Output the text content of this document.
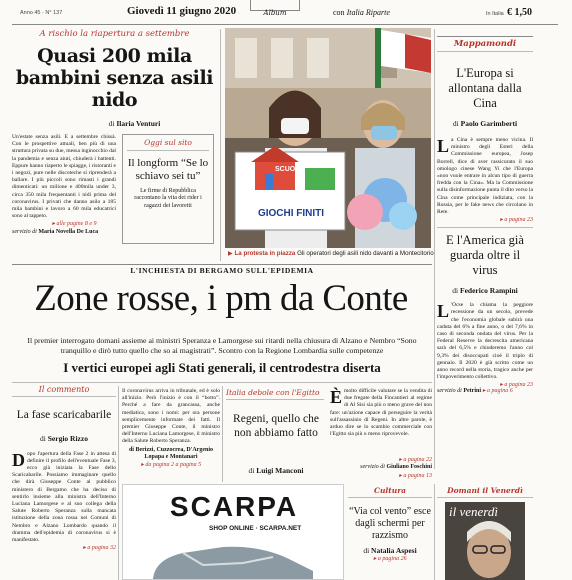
Anno 45 · N° 137	Giovedì 11 giugno 2020	Album	con Italia Riparte	In Italia € 1,50
A rischio la riapertura a settembre
Quasi 200 mila bambini senza asili nido
di Ilaria Venturi
Un'estate senza asili. E a settembre chissà. Con le prospettive attuali, ben più di una struttura privata su due, messa inginocchio dal la pandemia e senza aiuti, chiuderà i battenti. Eppure hanno riaperto le spiagge, i ristoranti e i negozi, pure nelle discoteche si riprenderà a ballare. I più piccoli sono rimasti i grandi dimenticati: un milione e 400mila under 3, circa 350 mila frequentanti i nidi prima del coronavirus. I privati che danno asilo a 185 mila bambini e lavoro a 60 mila educatrici sono al tappeto.
▸ alle pagine 8 e 9
servizio di Maria Novella De Luca
Oggi sul sito
Il longform “Se lo schiavo sei tu”
Le firme di Repubblica raccontano la vita dei rider i ragazzi dei lavoretti
SCUOLA
GIOCHI FINITI
▶ La protesta in piazza Gli operatori degli asili nido davanti a Montecitorio
Mappamondi
L'Europa si allontana dalla Cina
di Paolo Garimberti
La Cina è sempre meno vicina. Il ministro degli Esteri della Commissione europea, Josep Borrell, dice di aver rassicurato il suo omologo cinese Wang Yi che l'Europa «non vuole entrare in alcun tipo di guerra fredda con la Cina». Ma la Commissione sulla disinformazione punta il dito verso la Cina come principale indiziata, con la Russia, per le fake news che circolano in Rete.
▸ a pagina 23
E l'America già guarda oltre il virus
di Federico Rampini
L 'Ocse la chiama la peggiore recessione da un secolo, prevede che l'economia globale subirà una caduta del 6% a fine anno, o del 7,6% in caso di seconda ondata del virus. Per la Federal Reserve la decrescita americana sarà del 6,5% e chiuderemo l'anno col 9,3% dei disoccupati cioè il triplo di gennaio. Il 2020 è già scritto come un anno record nella storia, tragico anche per l'impoverimento collettivo.
▸ a pagina 23
servizio di Petrini ▸ a pagina 6
L'INCHIESTA DI BERGAMO SULL'EPIDEMIA
Zone rosse, i pm da Conte
Il premier interrogato domani assieme ai ministri Speranza e Lamorgese sui ritardi nella chiusura di Alzano e Nembro “Sono tranquillo e dirò tutto quello che so ai magistrati”. Scontro con la Regione Lombardia sulle competenze
I vertici europei agli Stati generali, il centrodestra diserta
Il commento
La fase scaricabarile
di Sergio Rizzo
Dopo l'apertura della Fase 2 in attesa di definire il profilo dell'eventuale Fase 3, ecco già iniziata la Fase dello Scaricabarile. Possiamo immaginare quello che dirà Giuseppe Conte al pubblico ministero di Bergamo che ha deciso di sentirlo insieme alla ministra dell'Interno Luciana Lamorgese e al suo collega della Salute Roberto Speranza sulla mancata istituzione della zona rossa nei Comuni di Nembro e Alzano Lombardo quando il dramma dell'epidemia di coronavirus si è manifestato.
▸ a pagina 32
Il coronavirus arriva in tribunale, ed è solo all'inizio. Però l'inizio è con il “botto”. Perché a fare da grancassa, anche mediatica, sono i nomi: per ora persone semplicemente informate dei fatti. Il premier Giuseppe Conte, il ministro dell'Interno Luciana Lamorgese, il ministro della Salute Roberto Speranza.
di Berizzi, Cuzzocrea, D'Argenio Lopapa e Montanari
▸ da pagina 2 a pagina 5
Italia debole con l'Egitto
Regeni, quello che non abbiamo fatto
di Luigi Manconi
Èmolto difficile valutare se la vendita di due fregate della Fincantieri al regime di Al Sisi sia più o meno grave del non fare: un'azione capace di perseguire la verità sull'assassinio di Regeni. In altre parole, è arduo dire se lo scambio commerciale con l'Egitto sia più o meno riprovevole.
▸ a pagina 22
servizio di Giuliano Foschini
▸ a pagina 13
SCARPA
SHOP ONLINE · SCARPA.NET
Cultura
“Via col vento” esce dagli schermi per razzismo
di Natalia Aspesi
▸ a pagina 26
Domani il Venerdì
il venerdì
